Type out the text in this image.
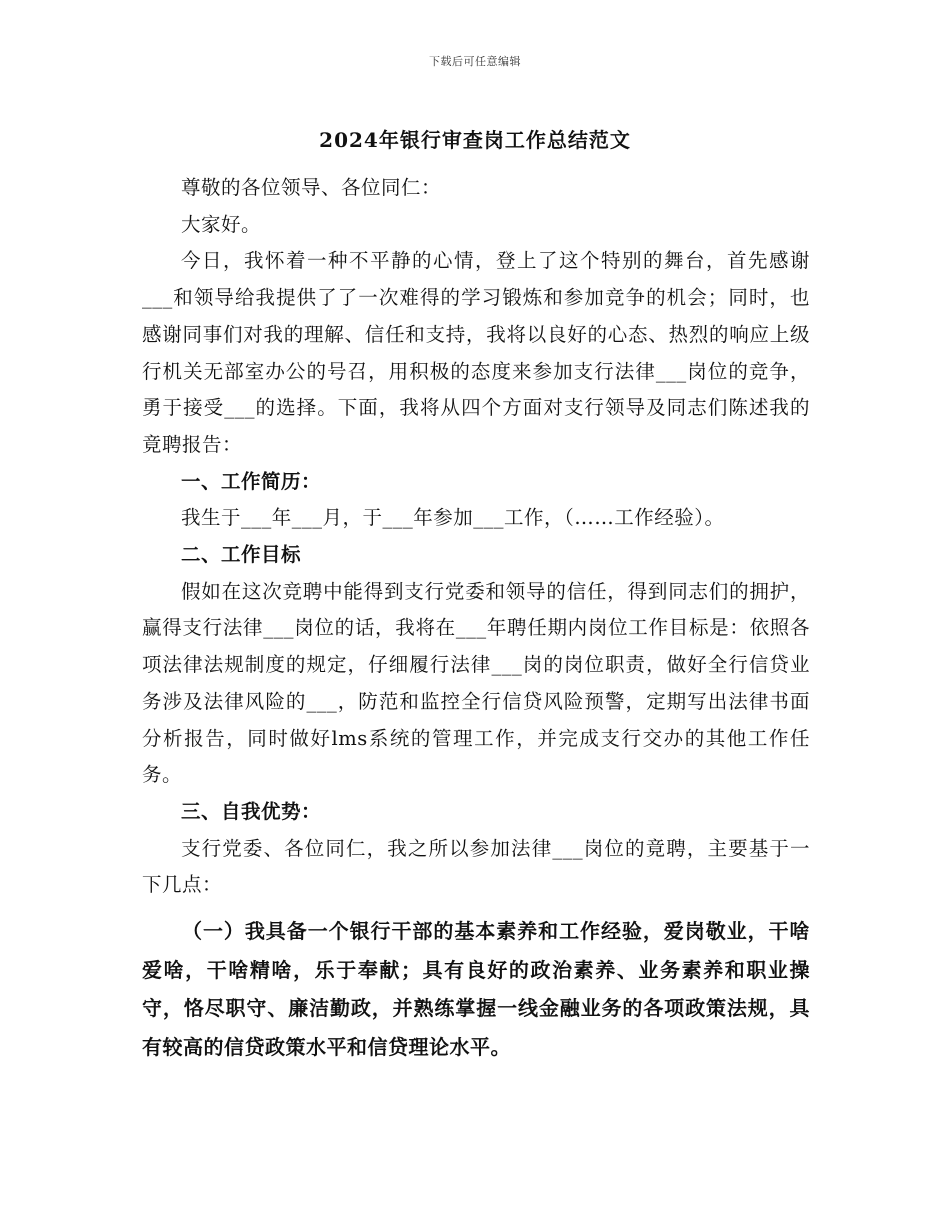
下载后可任意编辑
2024年银行审查岗工作总结范文

尊敬的各位领导、各位同仁：

大家好。

今日，我怀着一种不平静的心情，登上了这个特别的舞台，首先感谢___和领导给我提供了了一次难得的学习锻炼和参加竞争的机会；同时，也感谢同事们对我的理解、信任和支持，我将以良好的心态、热烈的响应上级行机关无部室办公的号召，用积极的态度来参加支行法律___岗位的竞争，勇于接受___的选择。下面，我将从四个方面对支行领导及同志们陈述我的竟聘报告：

一、工作简历：

我生于___年___月，于___年参加___工作，（……工作经验）。

二、工作目标

假如在这次竞聘中能得到支行党委和领导的信任，得到同志们的拥护，赢得支行法律___岗位的话，我将在___年聘任期内岗位工作目标是：依照各项法律法规制度的规定，仔细履行法律___岗的岗位职责，做好全行信贷业务涉及法律风险的___，防范和监控全行信贷风险预警，定期写出法律书面分析报告，同时做好lms系统的管理工作，并完成支行交办的其他工作任务。

三、自我优势：

支行党委、各位同仁，我之所以参加法律___岗位的竟聘，主要基于一下几点：

（一）我具备一个银行干部的基本素养和工作经验，爱岗敬业，干啥爱啥，干啥精啥，乐于奉献；具有良好的政治素养、业务素养和职业操守，恪尽职守、廉洁勤政，并熟练掌握一线金融业务的各项政策法规，具有较高的信贷政策水平和信贷理论水平。
